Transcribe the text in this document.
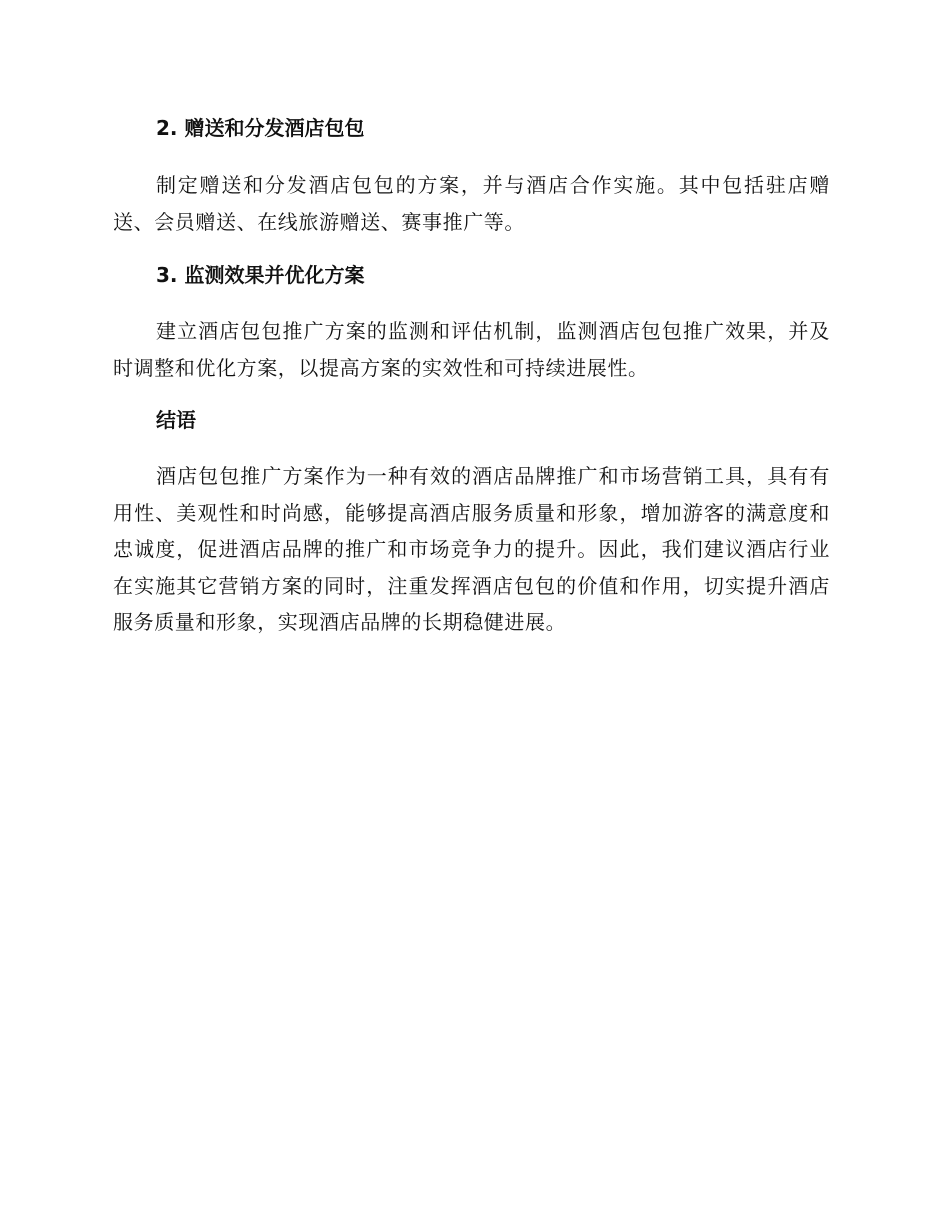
2. 赠送和分发酒店包包

制定赠送和分发酒店包包的方案，并与酒店合作实施。其中包括驻店赠送、会员赠送、在线旅游赠送、赛事推广等。

3. 监测效果并优化方案

建立酒店包包推广方案的监测和评估机制，监测酒店包包推广效果，并及时调整和优化方案，以提高方案的实效性和可持续进展性。

结语

酒店包包推广方案作为一种有效的酒店品牌推广和市场营销工具，具有有用性、美观性和时尚感，能够提高酒店服务质量和形象，增加游客的满意度和忠诚度，促进酒店品牌的推广和市场竞争力的提升。因此，我们建议酒店行业在实施其它营销方案的同时，注重发挥酒店包包的价值和作用，切实提升酒店服务质量和形象，实现酒店品牌的长期稳健进展。
